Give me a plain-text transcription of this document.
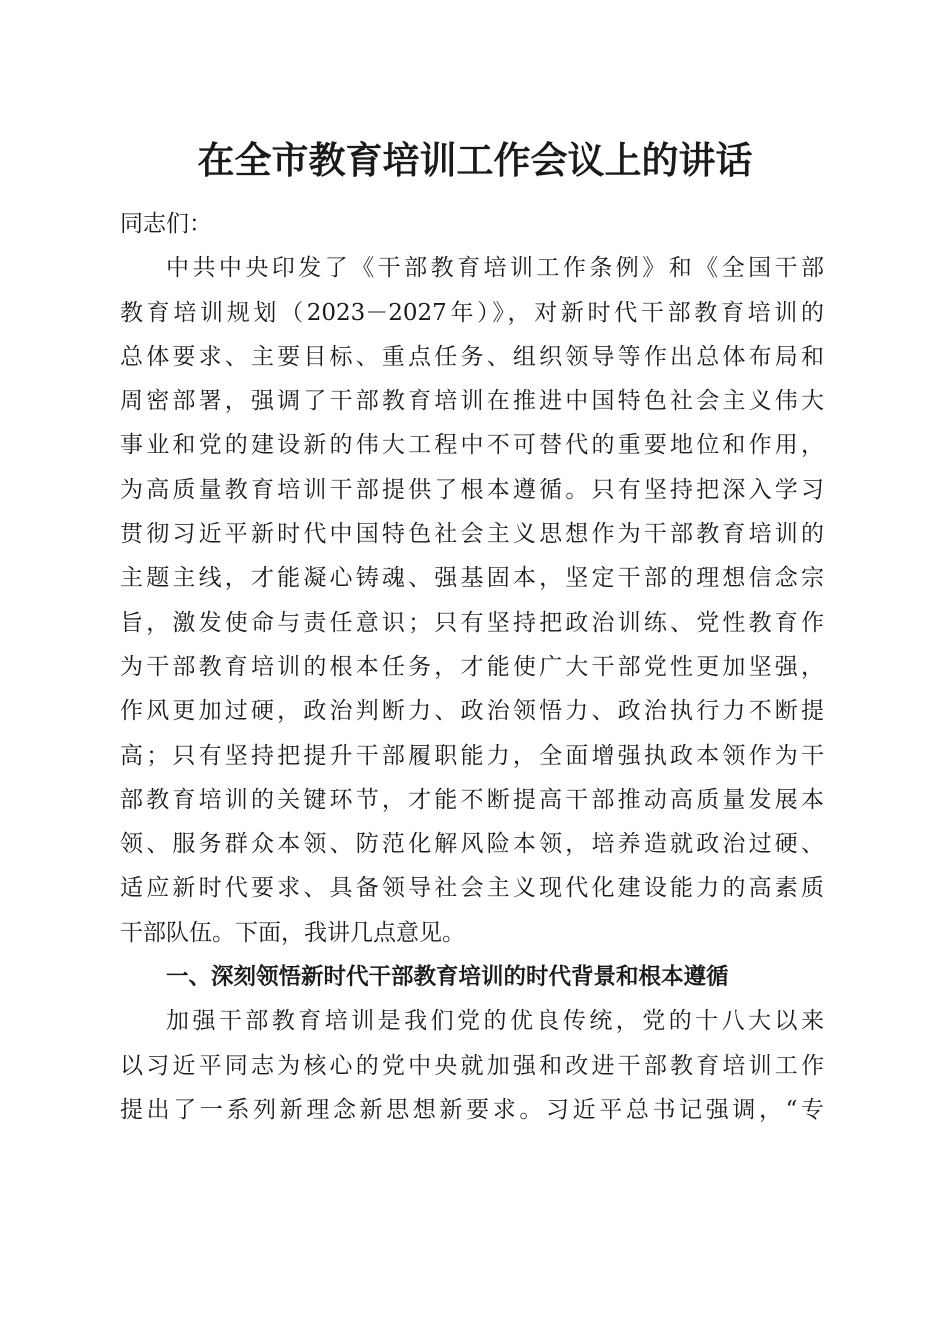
在全市教育培训工作会议上的讲话
同志们：
中共中央印发了《干部教育培训工作条例》和《全国干部
教育培训规划（2023－2027年）》，对新时代干部教育培训的
总体要求、主要目标、重点任务、组织领导等作出总体布局和
周密部署，强调了干部教育培训在推进中国特色社会主义伟大
事业和党的建设新的伟大工程中不可替代的重要地位和作用，
为高质量教育培训干部提供了根本遵循。只有坚持把深入学习
贯彻习近平新时代中国特色社会主义思想作为干部教育培训的
主题主线，才能凝心铸魂、强基固本，坚定干部的理想信念宗
旨，激发使命与责任意识；只有坚持把政治训练、党性教育作
为干部教育培训的根本任务，才能使广大干部党性更加坚强，
作风更加过硬，政治判断力、政治领悟力、政治执行力不断提
高；只有坚持把提升干部履职能力，全面增强执政本领作为干
部教育培训的关键环节，才能不断提高干部推动高质量发展本
领、服务群众本领、防范化解风险本领，培养造就政治过硬、
适应新时代要求、具备领导社会主义现代化建设能力的高素质
干部队伍。下面，我讲几点意见。
一、深刻领悟新时代干部教育培训的时代背景和根本遵循
加强干部教育培训是我们党的优良传统，党的十八大以来
以习近平同志为核心的党中央就加强和改进干部教育培训工作
提出了一系列新理念新思想新要求。习近平总书记强调，“专
